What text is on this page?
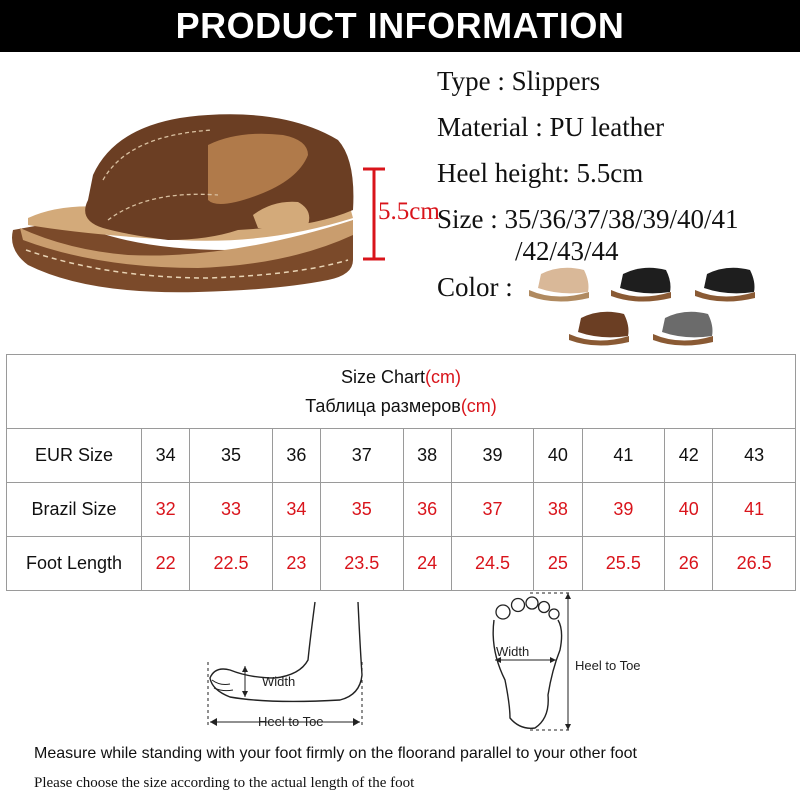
PRODUCT INFORMATION
5.5cm
Type : Slippers
Material : PU leather
Heel height: 5.5cm
Size : 35/36/37/38/39/40/41
/42/43/44
Color :
Size Chart(cm)
Таблица размеров(cm)										
EUR Size	34	35	36	37	38	39	40	41	42	43
Brazil Size	32	33	34	35	36	37	38	39	40	41
Foot Length	22	22.5	23	23.5	24	24.5	25	25.5	26	26.5
Width
Heel to Toe
Width
Heel to Toe
Measure while standing with your foot firmly on the floorand parallel to your other foot
Please choose the size according to the actual length of the foot
